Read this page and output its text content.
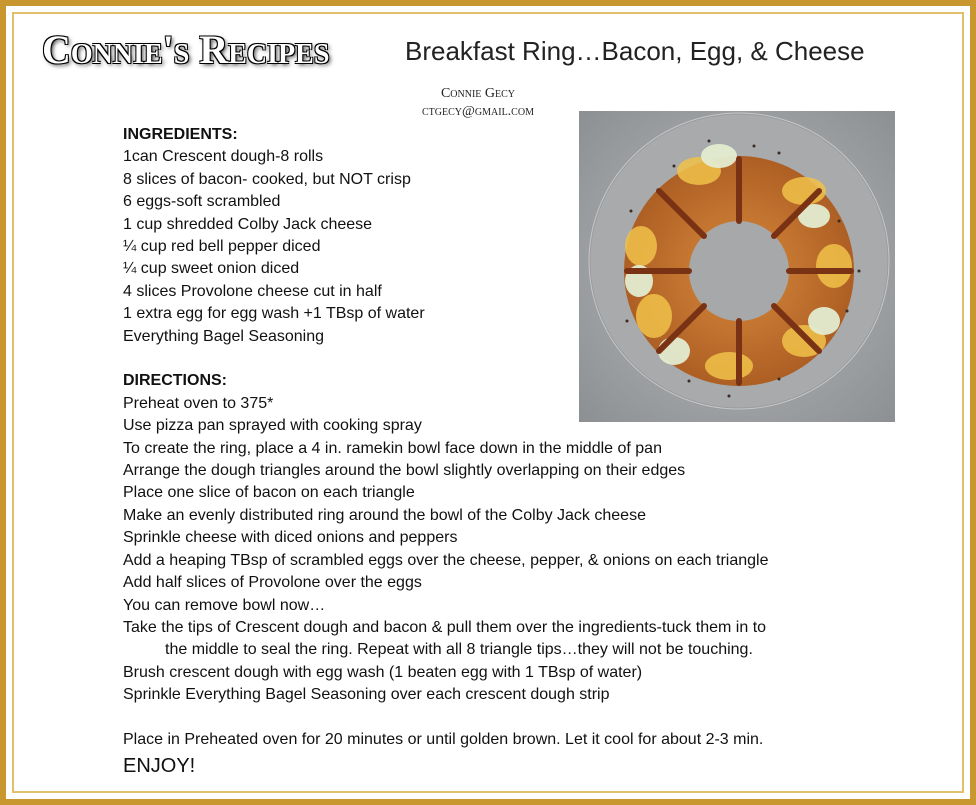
Connie's Recipes	Breakfast Ring…Bacon, Egg, & Cheese
Connie Gecy
ctgecy@gmail.com
INGREDIENTS:
1can Crescent dough-8 rolls
8 slices of bacon- cooked, but NOT crisp
6 eggs-soft scrambled
1 cup shredded Colby Jack cheese
¼ cup red bell pepper diced
¼ cup sweet onion diced
4 slices Provolone cheese cut in half
1 extra egg for egg wash +1 TBsp of water
Everything Bagel Seasoning
DIRECTIONS:
Preheat oven to 375*
Use pizza pan sprayed with cooking spray
To create the ring, place a 4 in. ramekin bowl face down in the middle of pan
Arrange the dough triangles around the bowl slightly overlapping on their edges
Place one slice of bacon on each triangle
Make an evenly distributed ring around the bowl of the Colby Jack cheese
Sprinkle cheese with diced onions and peppers
Add a heaping TBsp of scrambled eggs over the cheese, pepper, & onions on each triangle
Add half slices of Provolone over the eggs
You can remove bowl now…
Take the tips of Crescent dough and bacon & pull them over the ingredients-tuck them in to
the middle to seal the ring. Repeat with all 8 triangle tips…they will not be touching.
Brush crescent dough with egg wash (1 beaten egg with 1 TBsp of water)
Sprinkle Everything Bagel Seasoning over each crescent dough strip
Place in Preheated oven for 20 minutes or until golden brown. Let it cool for about 2-3 min.
ENJOY!
